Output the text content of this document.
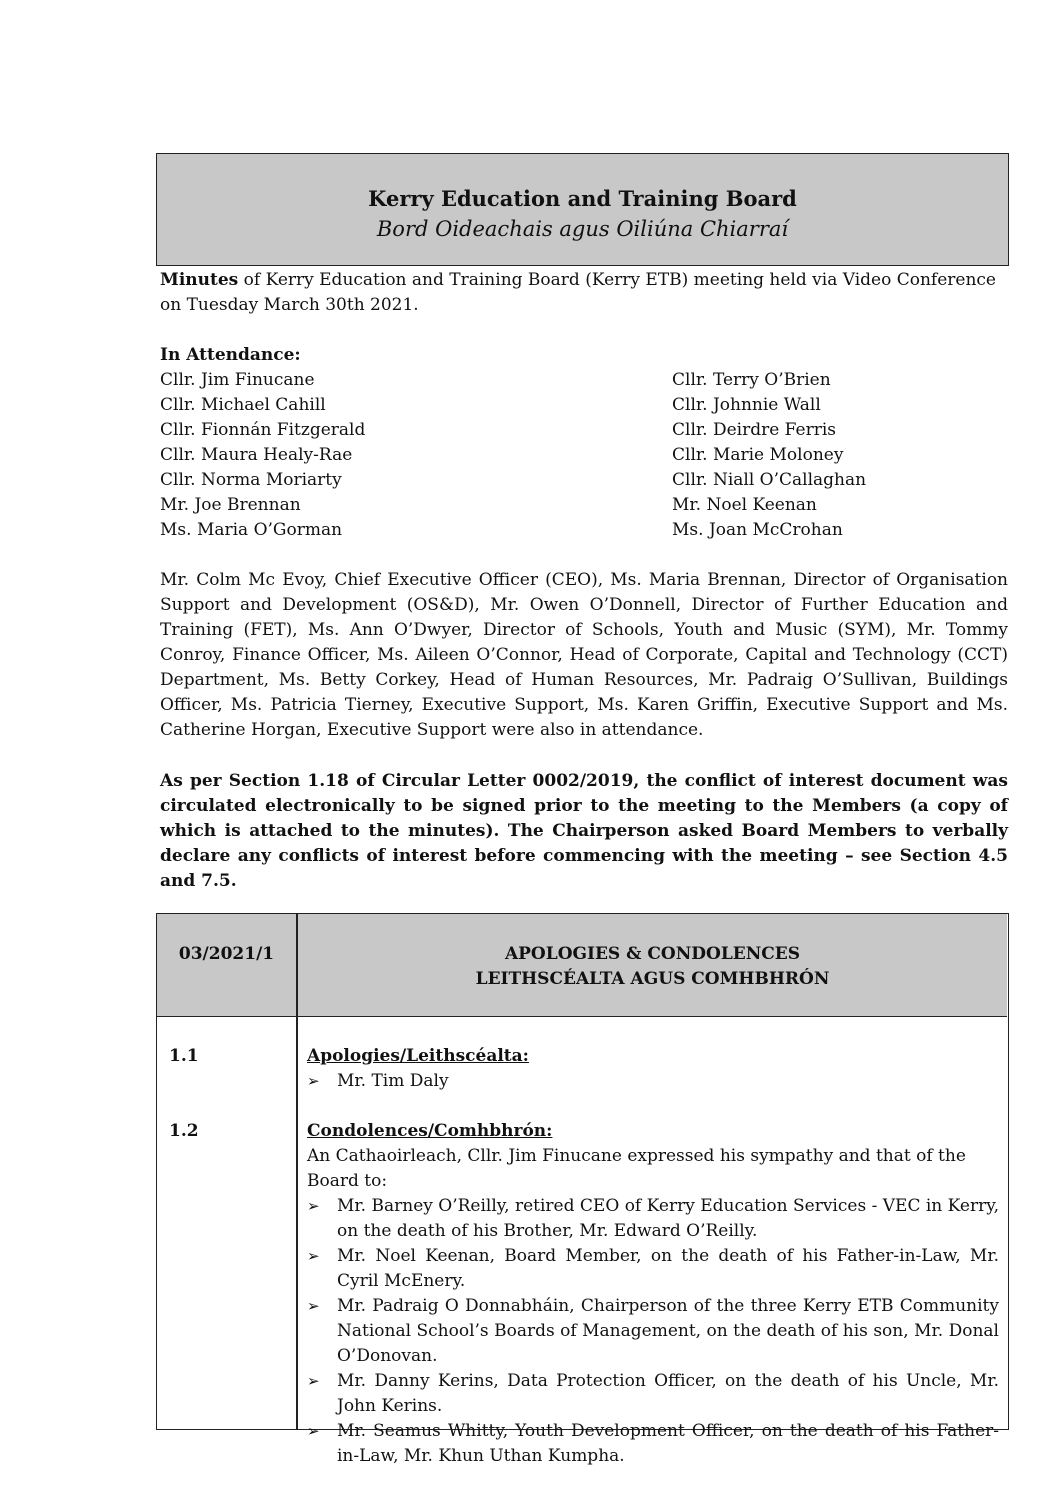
Kerry Education and Training Board
Bord Oideachais agus Oiliúna Chiarraí
Minutes of Kerry Education and Training Board (Kerry ETB) meeting held via Video Conference on Tuesday March 30th 2021.
In Attendance:
Cllr. Jim Finucane
Cllr. Michael Cahill
Cllr. Fionnán Fitzgerald
Cllr. Maura Healy-Rae
Cllr. Norma Moriarty
Mr. Joe Brennan
Ms. Maria O’Gorman
Cllr. Terry O’Brien
Cllr. Johnnie Wall
Cllr. Deirdre Ferris
Cllr. Marie Moloney
Cllr. Niall O’Callaghan
Mr. Noel Keenan
Ms. Joan McCrohan
Mr. Colm Mc Evoy, Chief Executive Officer (CEO), Ms. Maria Brennan, Director of Organisation Support and Development (OS&D), Mr. Owen O’Donnell, Director of Further Education and Training (FET), Ms. Ann O’Dwyer, Director of Schools, Youth and Music (SYM), Mr. Tommy Conroy, Finance Officer, Ms. Aileen O’Connor, Head of Corporate, Capital and Technology (CCT) Department, Ms. Betty Corkey, Head of Human Resources, Mr. Padraig O’Sullivan, Buildings Officer, Ms. Patricia Tierney, Executive Support, Ms. Karen Griffin, Executive Support and Ms. Catherine Horgan, Executive Support were also in attendance.
As per Section 1.18 of Circular Letter 0002/2019, the conflict of interest document was circulated electronically to be signed prior to the meeting to the Members (a copy of which is attached to the minutes). The Chairperson asked Board Members to verbally declare any conflicts of interest before commencing with the meeting – see Section 4.5 and 7.5.
03/2021/1	APOLOGIES & CONDOLENCES
LEITHSCÉALTA AGUS COMHBHRÓN
1.1	Apologies/Leithscéalta:
➢ Mr. Tim Daly
1.2	Condolences/Comhbhrón:
An Cathaoirleach, Cllr. Jim Finucane expressed his sympathy and that of the Board to:
➢ Mr. Barney O’Reilly, retired CEO of Kerry Education Services - VEC in Kerry, on the death of his Brother, Mr. Edward O’Reilly.
➢ Mr. Noel Keenan, Board Member, on the death of his Father-in-Law, Mr. Cyril McEnery.
➢ Mr. Padraig O Donnabháin, Chairperson of the three Kerry ETB Community National School’s Boards of Management, on the death of his son, Mr. Donal O’Donovan.
➢ Mr. Danny Kerins, Data Protection Officer, on the death of his Uncle, Mr. John Kerins.
➢ Mr. Seamus Whitty, Youth Development Officer, on the death of his Father-in-Law, Mr. Khun Uthan Kumpha.
